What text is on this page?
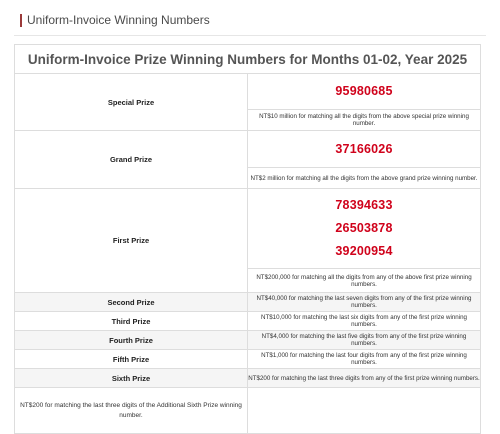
Uniform-Invoice Winning Numbers
Uniform-Invoice Prize Winning Numbers for Months 01-02, Year 2025	
Special Prize	95980685

	NT$10 million for matching all the digits from the above special prize winning number.
Grand Prize	37166026

	NT$2 million for matching all the digits from the above grand prize winning number.
First Prize	78394633
26503878
39200954

	NT$200,000 for matching all the digits from any of the above first prize winning numbers.
Second Prize	NT$40,000 for matching the last seven digits from any of the first prize winning numbers.
Third Prize	NT$10,000 for matching the last six digits from any of the first prize winning numbers.
Fourth Prize	NT$4,000 for matching the last five digits from any of the first prize winning numbers.
Fifth Prize	NT$1,000 for matching the last four digits from any of the first prize winning numbers.
Sixth Prize	NT$200 for matching the last three digits from any of the first prize winning numbers.
NT$200 for matching the last three digits of the Additional Sixth Prize winning number.	
